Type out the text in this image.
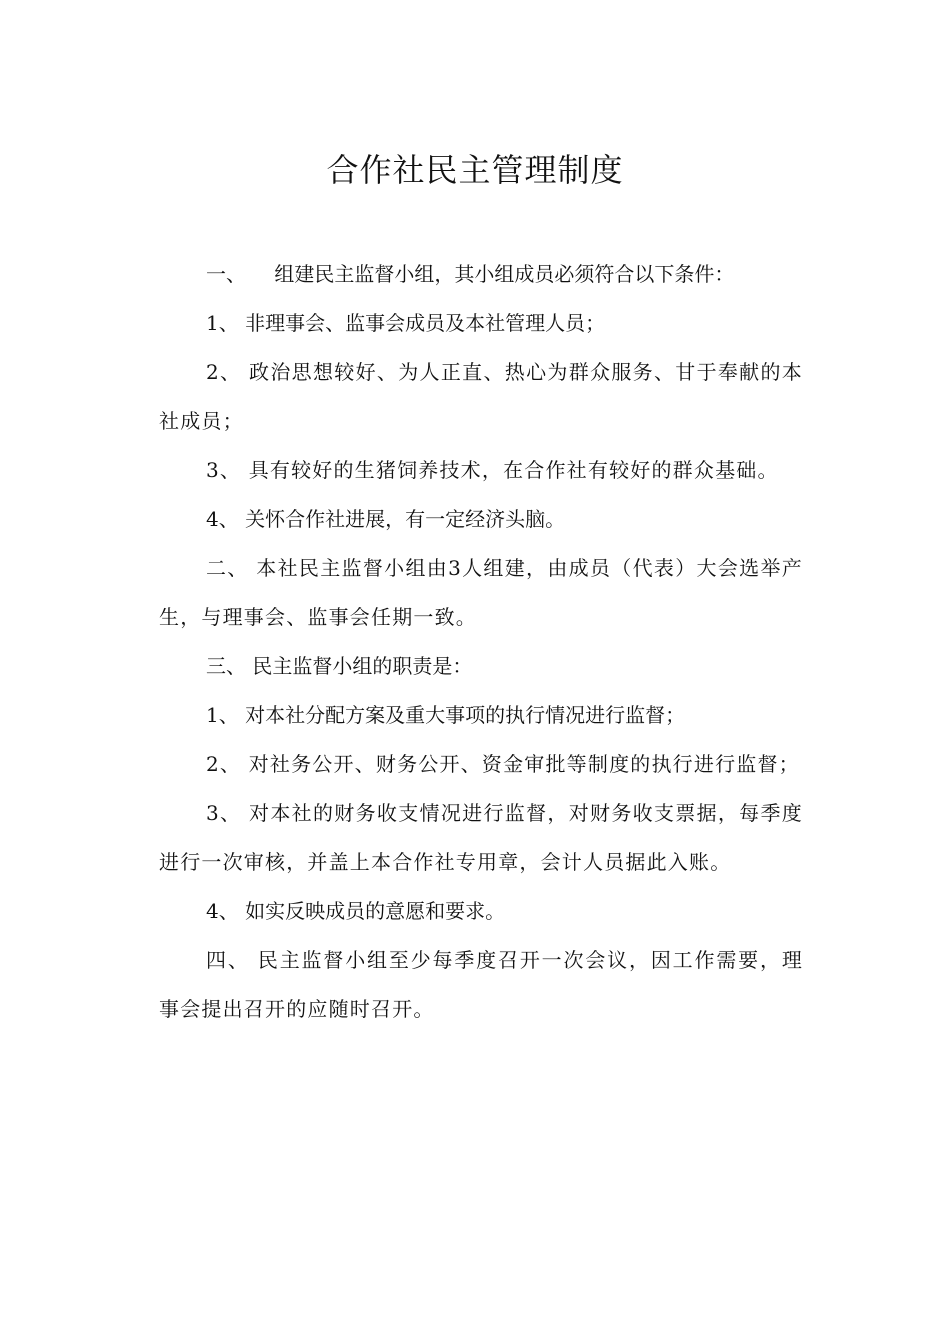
合作社民主管理制度

一、 组建民主监督小组，其小组成员必须符合以下条件：

1、 非理事会、监事会成员及本社管理人员；

2、 政治思想较好、为人正直、热心为群众服务、甘于奉献的本社成员；

3、 具有较好的生猪饲养技术，在合作社有较好的群众基础。

4、 关怀合作社进展，有一定经济头脑。

二、 本社民主监督小组由3人组建，由成员（代表）大会选举产生，与理事会、监事会任期一致。

三、 民主监督小组的职责是：

1、 对本社分配方案及重大事项的执行情况进行监督；

2、 对社务公开、财务公开、资金审批等制度的执行进行监督；

3、 对本社的财务收支情况进行监督，对财务收支票据，每季度进行一次审核，并盖上本合作社专用章，会计人员据此入账。

4、 如实反映成员的意愿和要求。

四、 民主监督小组至少每季度召开一次会议，因工作需要，理事会提出召开的应随时召开。
